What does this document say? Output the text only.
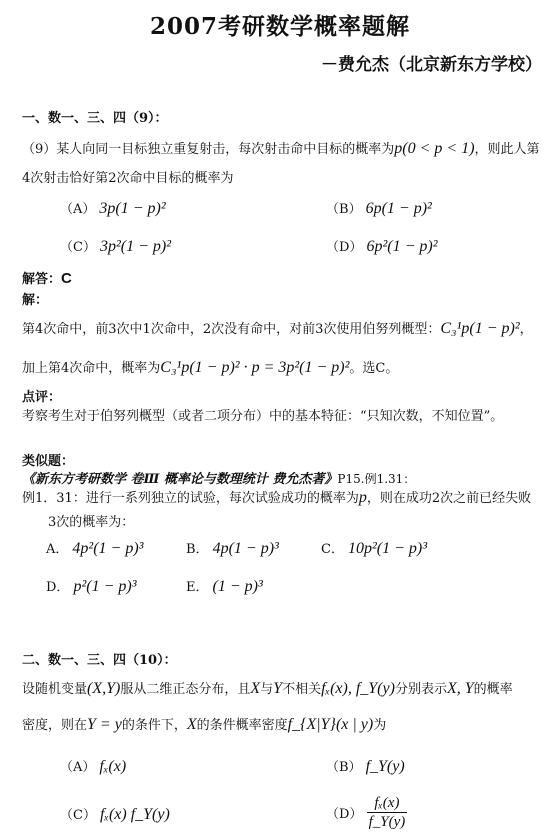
2007考研数学概率题解
－费允杰（北京新东方学校）
一、数一、三、四（9）：
（9）某人向同一目标独立重复射击，每次射击命中目标的概率为p(0 < p < 1)，则此人第
4次射击恰好第2次命中目标的概率为
（A） 3p(1 − p)²	（B） 6p(1 − p)²
（C） 3p²(1 − p)²	（D） 6p²(1 − p)²
解答：C
解：
第4次命中，前3次中1次命中，2次没有命中，对前3次使用伯努列概型：C₃¹p(1 − p)²，
加上第4次命中，概率为C₃¹p(1 − p)² · p = 3p²(1 − p)²。选C。
点评：
考察考生对于伯努列概型（或者二项分布）中的基本特征：“只知次数，不知位置”。
类似题：
《新东方考研数学 卷Ⅲ 概率论与数理统计 费允杰著》P15.例1.31：
例1．31：进行一系列独立的试验，每次试验成功的概率为p，则在成功2次之前已经失败
3次的概率为：
A． 4p²(1 − p)³	B． 4p(1 − p)³	C． 10p²(1 − p)³
D． p²(1 − p)³	E． (1 − p)³
二、数一、三、四（10）：
设随机变量(X,Y)服从二维正态分布，且X与Y不相关fₓ(x), f_Y(y)分别表示X, Y的概率
密度，则在Y = y的条件下，X的条件概率密度f_{X|Y}(x | y)为
（A） fₓ(x)	（B） f_Y(y)
（C） fₓ(x) f_Y(y)	$(D) \frac{\text{fₓ(x)}}{f\_Y(y)}$
